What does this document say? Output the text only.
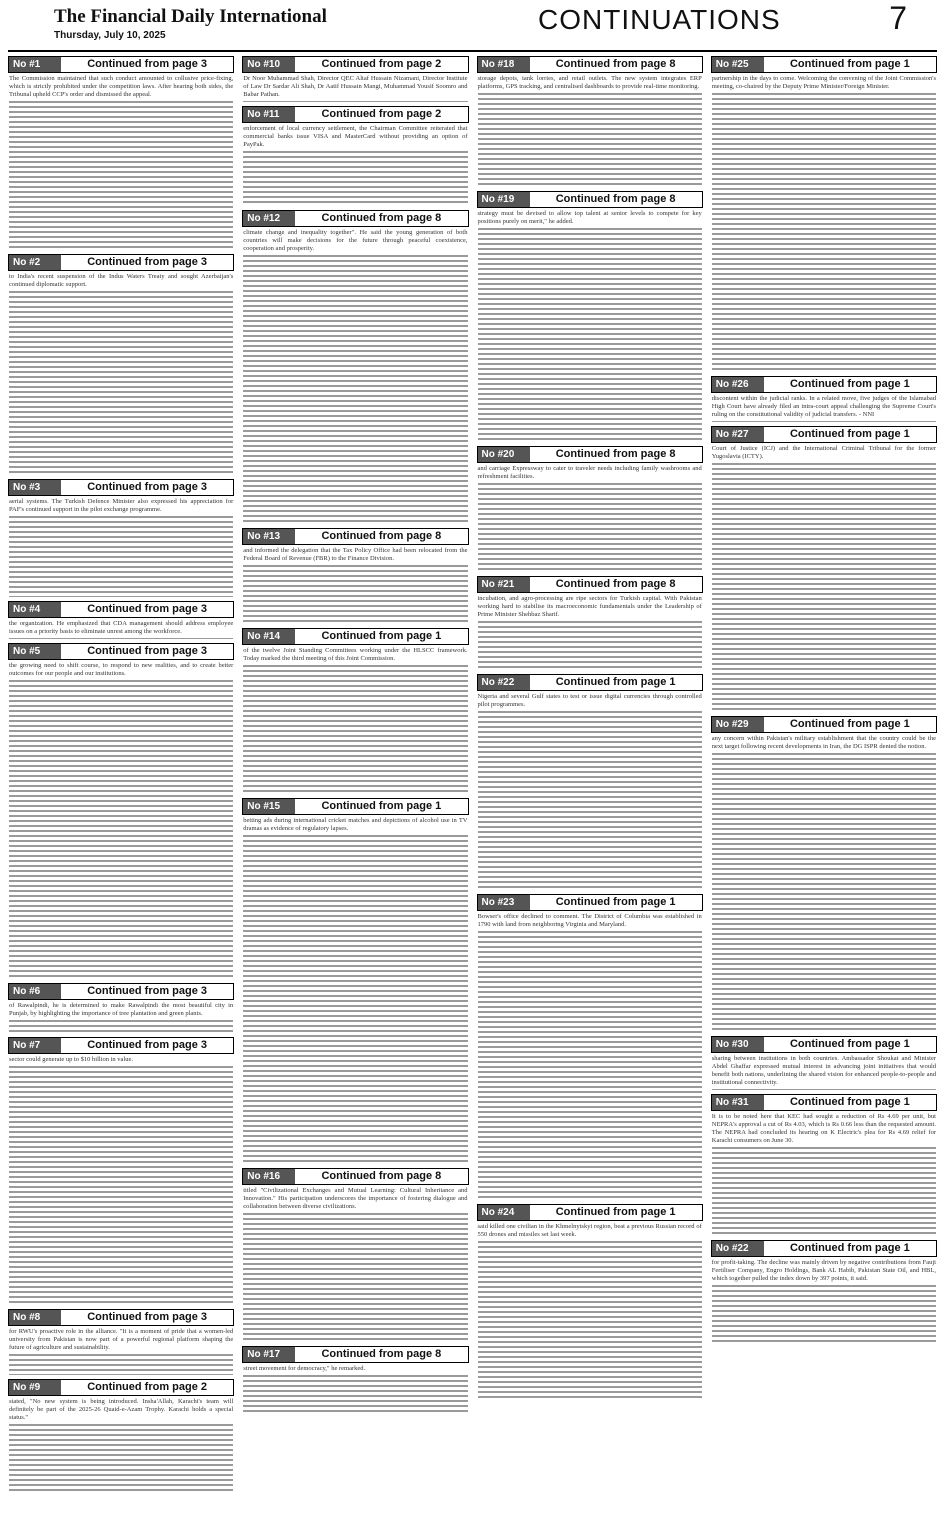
The Financial Daily International
Thursday, July 10, 2025
CONTINUATIONS	7
No #1	Continued from page 3

The Commission maintained that such conduct amounted to collusive price-fixing, which is strictly prohibited under the competition laws. After hearing both sides, the Tribunal upheld CCP's order and dismissed the appeal.

No #2	Continued from page 3

to India's recent suspension of the Indus Waters Treaty and sought Azerbaijan's continued diplomatic support.

No #3	Continued from page 3

aerial systems. The Turkish Defence Minister also expressed his appreciation for PAF's continued support in the pilot exchange programme.

No #4	Continued from page 3

the organization. He emphasized that CDA management should address employee issues on a priority basis to eliminate unrest among the workforce.

No #5	Continued from page 3

the growing need to shift course, to respond to new realities, and to create better outcomes for our people and our institutions.

No #6	Continued from page 3

of Rawalpindi, he is determined to make Rawalpindi the most beautiful city in Punjab, by highlighting the importance of tree plantation and green plants.

No #7	Continued from page 3

sector could generate up to $10 billion in value.

No #8	Continued from page 3

for RWU's proactive role in the alliance. "It is a moment of pride that a women-led university from Pakistan is now part of a powerful regional platform shaping the future of agriculture and sustainability.

No #9	Continued from page 2

stated, "No new system is being introduced. Insha'Allah, Karachi's team will definitely be part of the 2025-26 Quaid-e-Azam Trophy. Karachi holds a special status."

No #10	Continued from page 2

Dr Noor Muhammad Shah, Director QEC Altaf Hussain Nizamani, Director Institute of Law Dr Sardar Ali Shah, Dr Aatif Hussain Mangi, Muhammad Yousif Soomro and Babar Pathan.

No #11	Continued from page 2

enforcement of local currency settlement, the Chairman Committee reiterated that commercial banks issue VISA and MasterCard without providing an option of PayPak.

No #12	Continued from page 8

climate change and inequality together". He said the young generation of both countries will make decisions for the future through peaceful coexistence, cooperation and prosperity.

No #13	Continued from page 8

and informed the delegation that the Tax Policy Office had been relocated from the Federal Board of Revenue (FBR) to the Finance Division.

No #14	Continued from page 1

of the twelve Joint Standing Committees working under the HLSCC framework. Today marked the third meeting of this Joint Commission.

No #15	Continued from page 1

betting ads during international cricket matches and depictions of alcohol use in TV dramas as evidence of regulatory lapses.

No #16	Continued from page 8

titled "Civilizational Exchanges and Mutual Learning: Cultural Inheritance and Innovation." His participation underscores the importance of fostering dialogue and collaboration between diverse civilizations.

No #17	Continued from page 8

street movement for democracy," he remarked.

No #18	Continued from page 8

storage depots, tank lorries, and retail outlets. The new system integrates ERP platforms, GPS tracking, and centralised dashboards to provide real-time monitoring.

No #19	Continued from page 8

strategy must be devised to allow top talent at senior levels to compete for key positions purely on merit," he added.

No #20	Continued from page 8

and carriage Expressway to cater to traveler needs including family washrooms and refreshment facilities.

No #21	Continued from page 8

incubation, and agro-processing are ripe sectors for Turkish capital. With Pakistan working hard to stabilise its macroeconomic fundamentals under the Leadership of Prime Minister Shehbaz Sharif.

No #22	Continued from page 1

Nigeria and several Gulf states to test or issue digital currencies through controlled pilot programmes.

No #23	Continued from page 1

Bowser's office declined to comment. The District of Columbia was established in 1790 with land from neighboring Virginia and Maryland.

No #24	Continued from page 1

said killed one civilian in the Khmelnytskyi region, beat a previous Russian record of 550 drones and missiles set last week.

No #25	Continued from page 1

partnership in the days to come. Welcoming the convening of the Joint Commission's meeting, co-chaired by the Deputy Prime Minister/Foreign Minister.

No #26	Continued from page 1

discontent within the judicial ranks. In a related move, five judges of the Islamabad High Court have already filed an intra-court appeal challenging the Supreme Court's ruling on the constitutional validity of judicial transfers. - NNI

No #27	Continued from page 1

Court of Justice (ICJ) and the International Criminal Tribunal for the former Yugoslavia (ICTY).

No #29	Continued from page 1

any concern within Pakistan's military establishment that the country could be the next target following recent developments in Iran, the DG ISPR denied the notion.

No #30	Continued from page 1

sharing between institutions in both countries. Ambassador Shoukat and Minister Abdel Ghaffar expressed mutual interest in advancing joint initiatives that would benefit both nations, underlining the shared vision for enhanced people-to-people and institutional connectivity.

No #31	Continued from page 1

It is to be noted here that KEC had sought a reduction of Rs 4.69 per unit, but NEPRA's approval a cut of Rs 4.03, which is Rs 0.66 less than the requested amount. The NEPRA had concluded its hearing on K Electric's plea for Rs 4.69 relief for Karachi consumers on June 30.

No #22	Continued from page 1

for profit-taking. The decline was mainly driven by negative contributions from Fauji Fertiliser Company, Engro Holdings, Bank AL Habib, Pakistan State Oil, and HBL, which together pulled the index down by 397 points, it said.
